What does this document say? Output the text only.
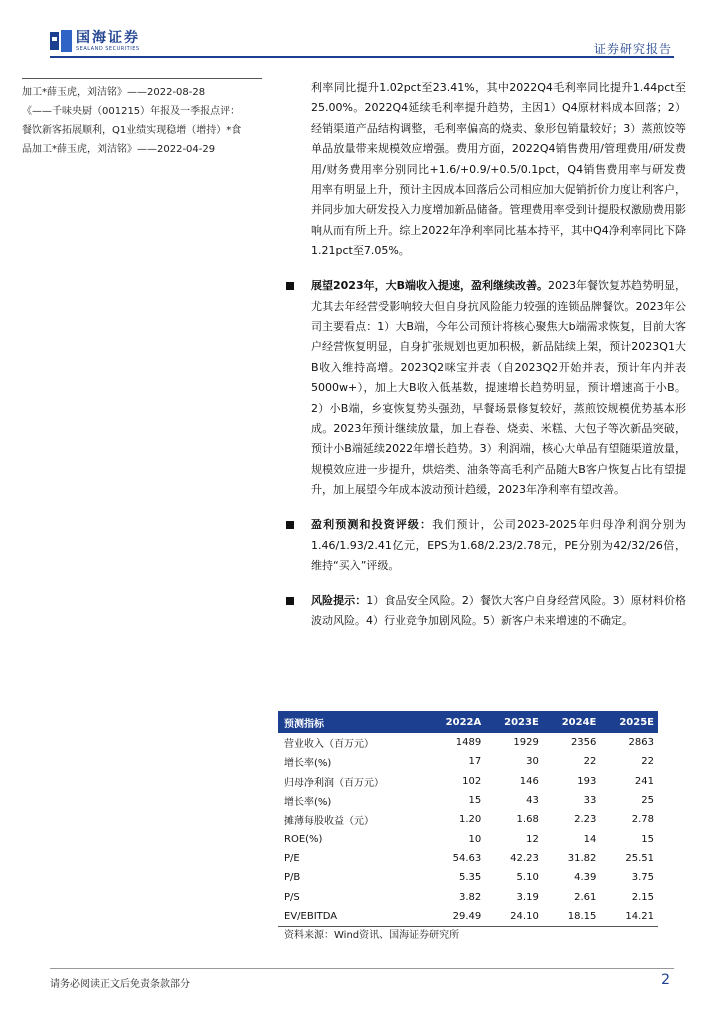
国海证券
SEALAND SECURITIES	证券研究报告

加工*薛玉虎，刘洁铭》——2022-08-28

《——千味央厨（001215）年报及一季报点评：

餐饮新客拓展顺利，Q1业绩实现稳增（增持）*食

品加工*薛玉虎，刘洁铭》——2022-04-29

利率同比提升1.02pct至23.41%，其中2022Q4毛利率同比提升1.44pct至25.00%。2022Q4延续毛利率提升趋势，主因1）Q4原材料成本回落；2）经销渠道产品结构调整，毛利率偏高的烧卖、象形包销量较好；3）蒸煎饺等单品放量带来规模效应增强。费用方面，2022Q4销售费用/管理费用/研发费用/财务费用率分别同比+1.6/+0.9/+0.5/0.1pct，Q4销售费用率与研发费用率有明显上升，预计主因成本回落后公司相应加大促销折价力度让利客户，并同步加大研发投入力度增加新品储备。管理费用率受到计提股权激励费用影响从而有所上升。综上2022年净利率同比基本持平，其中Q4净利率同比下降1.21pct至7.05%。

展望2023年，大B端收入提速，盈利继续改善。2023年餐饮复苏趋势明显，尤其去年经营受影响较大但自身抗风险能力较强的连锁品牌餐饮。2023年公司主要看点：1）大B端，今年公司预计将核心聚焦大b端需求恢复，目前大客户经营恢复明显，自身扩张规划也更加积极，新品陆续上架，预计2023Q1大B收入维持高增。2023Q2咪宝并表（自2023Q2开始并表，预计年内并表5000w+），加上大B收入低基数，提速增长趋势明显，预计增速高于小B。2）小B端，乡宴恢复势头强劲，早餐场景修复较好，蒸煎饺规模优势基本形成。2023年预计继续放量，加上春卷、烧卖、米糕、大包子等次新品突破，预计小B端延续2022年增长趋势。3）利润端，核心大单品有望随渠道放量，规模效应进一步提升，烘焙类、油条等高毛利产品随大B客户恢复占比有望提升，加上展望今年成本波动预计趋缓，2023年净利率有望改善。

盈利预测和投资评级：我们预计，公司2023-2025年归母净利润分别为1.46/1.93/2.41亿元，EPS为1.68/2.23/2.78元，PE分别为42/32/26倍，维持“买入”评级。

风险提示：1）食品安全风险。2）餐饮大客户自身经营风险。3）原材料价格波动风险。4）行业竞争加剧风险。5）新客户未来增速的不确定。

预测指标	2022A	2023E	2024E	2025E
营业收入（百万元）	1489	1929	2356	2863
增长率(%)	17	30	22	22
归母净利润（百万元）	102	146	193	241
增长率(%)	15	43	33	25
摊薄每股收益（元）	1.20	1.68	2.23	2.78
ROE(%)	10	12	14	15
P/E	54.63	42.23	31.82	25.51
P/B	5.35	5.10	4.39	3.75
P/S	3.82	3.19	2.61	2.15
EV/EBITDA	29.49	24.10	18.15	14.21
资料来源：Wind资讯、国海证券研究所
请务必阅读正文后免责条款部分	2
